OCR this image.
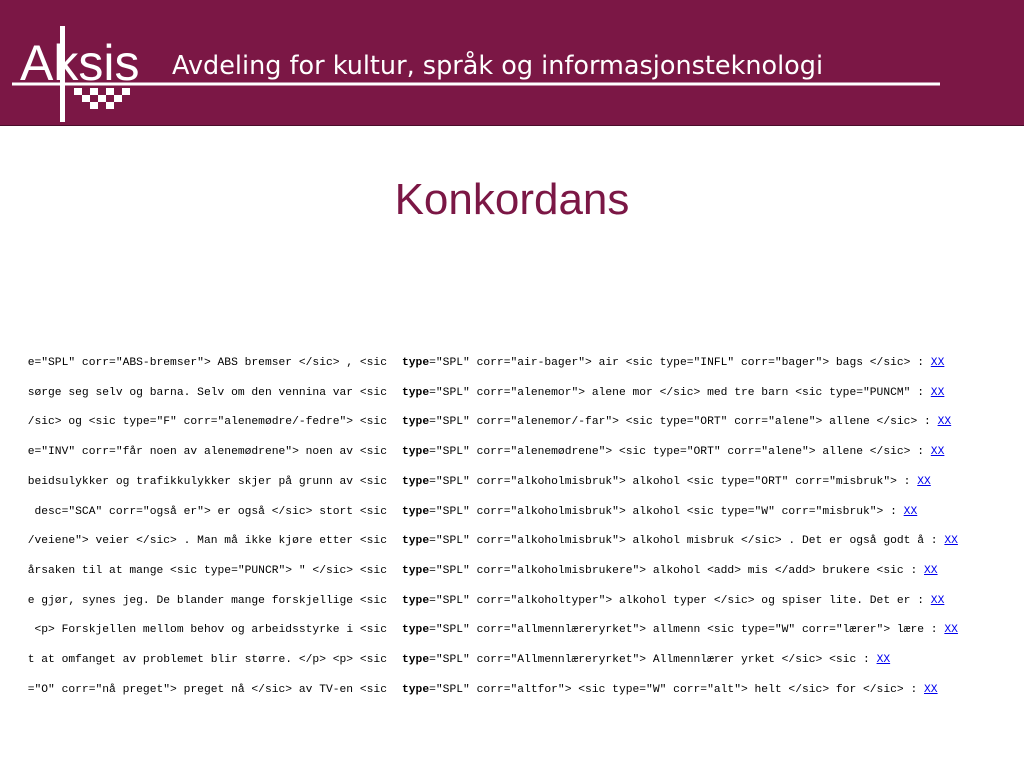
Aksis Avdeling for kultur, språk og informasjonsteknologi
Konkordans
e="SPL" corr="ABS-bremser"> ABS bremser </sic> , <sic type="SPL" corr="air-bager"> air <sic type="INFL" corr="bager"> bags </sic> : XX
sørge seg selv og barna. Selv om den vennina var <sic type="SPL" corr="alenemor"> alene mor </sic> med tre barn <sic type="PUNCM" : XX
/sic> og <sic type="F" corr="alenemødre/-fedre"> <sic type="SPL" corr="alenemor/-far"> <sic type="ORT" corr="alene"> allene </sic> : XX
e="INV" corr="får noen av alenemødrene"> noen av <sic type="SPL" corr="alenemødrene"> <sic type="ORT" corr="alene"> allene </sic> : XX
beidsulykker og trafikkulykker skjer på grunn av <sic type="SPL" corr="alkoholmisbruk"> alkohol <sic type="ORT" corr="misbruk"> : XX
desc="SCA" corr="også er"> er også </sic> stort <sic type="SPL" corr="alkoholmisbruk"> alkohol <sic type="W" corr="misbruk"> : XX
/veiene"> veier </sic> . Man må ikke kjøre etter <sic type="SPL" corr="alkoholmisbruk"> alkohol misbruk </sic> . Det er også godt å : XX
årsaken til at mange <sic type="PUNCR"> " </sic> <sic type="SPL" corr="alkoholmisbrukere"> alkohol <add> mis </add> brukere <sic : XX
e gjør, synes jeg. De blander mange forskjellige <sic type="SPL" corr="alkoholtyper"> alkohol typer </sic> og spiser lite. Det er : XX
<p> Forskjellen mellom behov og arbeidsstyrke i <sic type="SPL" corr="allmennlæreryrket"> allmenn <sic type="W" corr="lærer"> lære : XX
t at omfanget av problemet blir større. </p> <p> <sic type="SPL" corr="Allmennlæreryrket"> Allmennlærer yrket </sic> <sic : XX
="O" corr="nå preget"> preget nå </sic> av TV-en <sic type="SPL" corr="altfor"> <sic type="W" corr="alt"> helt </sic> for </sic> : XX
